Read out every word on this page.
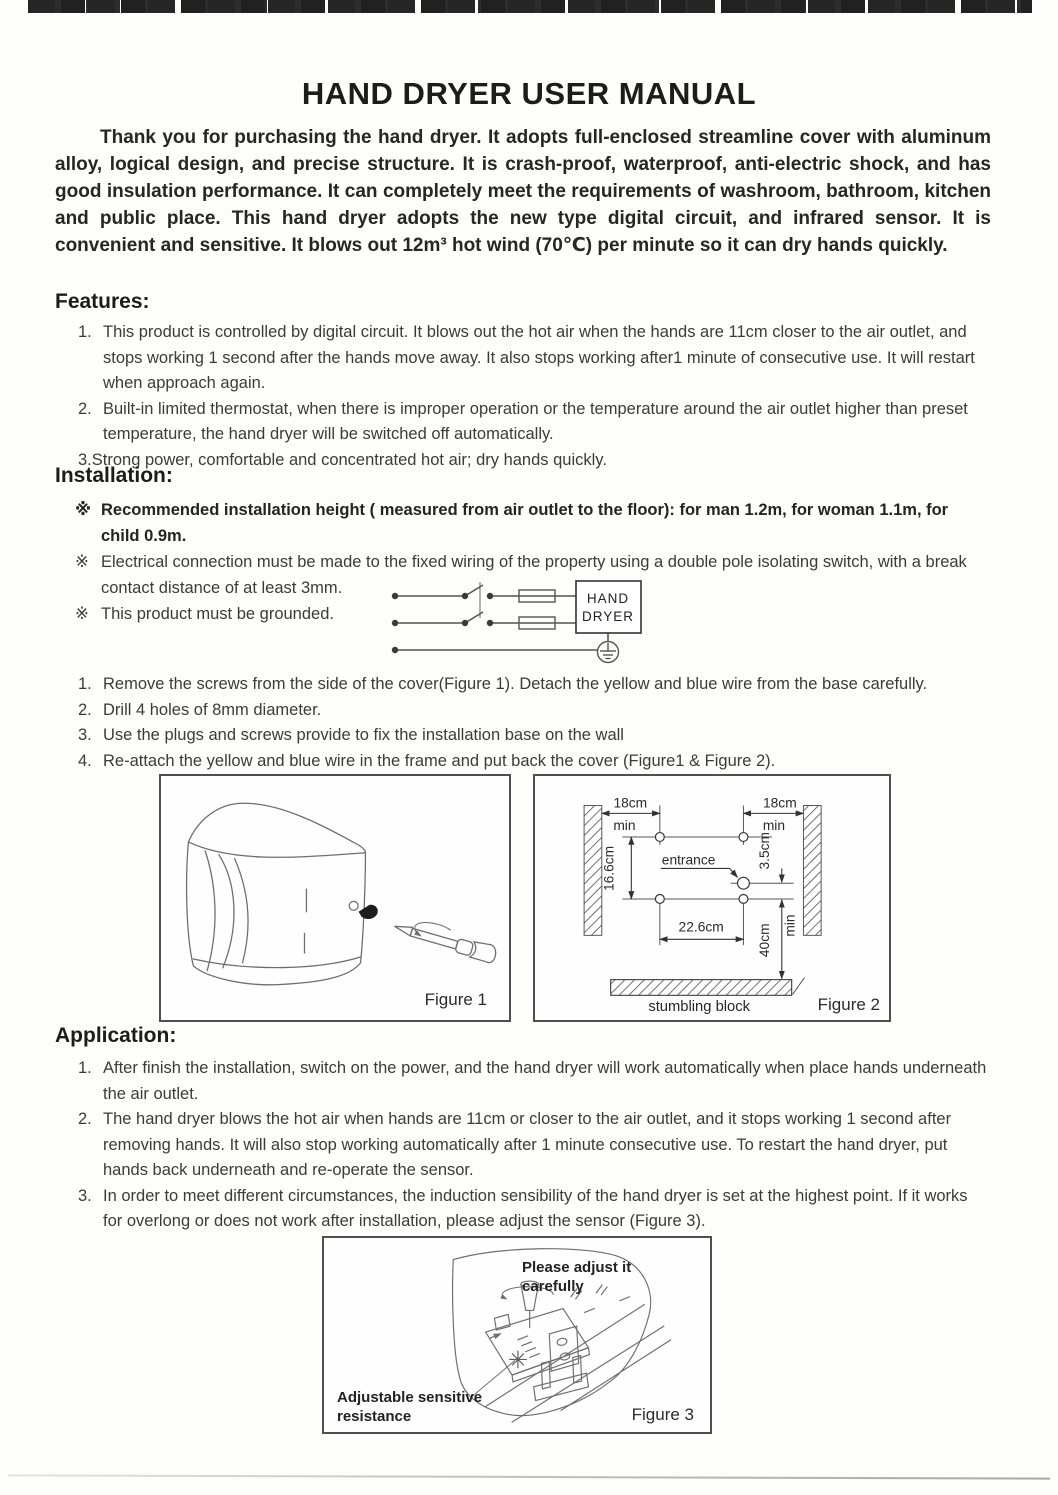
HAND DRYER USER MANUAL
Thank you for purchasing the hand dryer. It adopts full-enclosed streamline cover with aluminum alloy, logical design, and precise structure. It is crash-proof, waterproof, anti-electric shock, and has good insulation performance. It can completely meet the requirements of washroom, bathroom, kitchen and public place. This hand dryer adopts the new type digital circuit, and infrared sensor. It is convenient and sensitive. It blows out 12m³ hot wind (70℃) per minute so it can dry hands quickly.
Features:
1. This product is controlled by digital circuit. It blows out the hot air when the hands are 11cm closer to the air outlet, and stops working 1 second after the hands move away. It also stops working after1 minute of consecutive use. It will restart when approach again.
2. Built-in limited thermostat, when there is improper operation or the temperature around the air outlet higher than preset temperature, the hand dryer will be switched off automatically.
3.Strong power, comfortable and concentrated hot air; dry hands quickly.
Installation:
※ Recommended installation height ( measured from air outlet to the floor): for man 1.2m, for woman 1.1m, for child 0.9m.
※ Electrical connection must be made to the fixed wiring of the property using a double pole isolating switch, with a break contact distance of at least 3mm.
※ This product must be grounded.
HAND
DRYER
1. Remove the screws from the side of the cover(Figure 1). Detach the yellow and blue wire from the base carefully.
2. Drill 4 holes of 8mm diameter.
3. Use the plugs and screws provide to fix the installation base on the wall
4. Re-attach the yellow and blue wire in the frame and put back the cover (Figure1 & Figure 2).
Figure 1
18cm
min
18cm
min
16.6cm	entrance	3.5cm
22.6cm 40cm min
stumbling block	Figure 2
Application:
1. After finish the installation, switch on the power, and the hand dryer will work automatically when place hands underneath the air outlet.
2. The hand dryer blows the hot air when hands are 11cm or closer to the air outlet, and it stops working 1 second after removing hands. It will also stop working automatically after 1 minute consecutive use. To restart the hand dryer, put hands back underneath and re-operate the sensor.
3. In order to meet different circumstances, the induction sensibility of the hand dryer is set at the highest point. If it works for overlong or does not work after installation, please adjust the sensor (Figure 3).
Please adjust it carefully
Adjustable sensitive resistance	Figure 3
